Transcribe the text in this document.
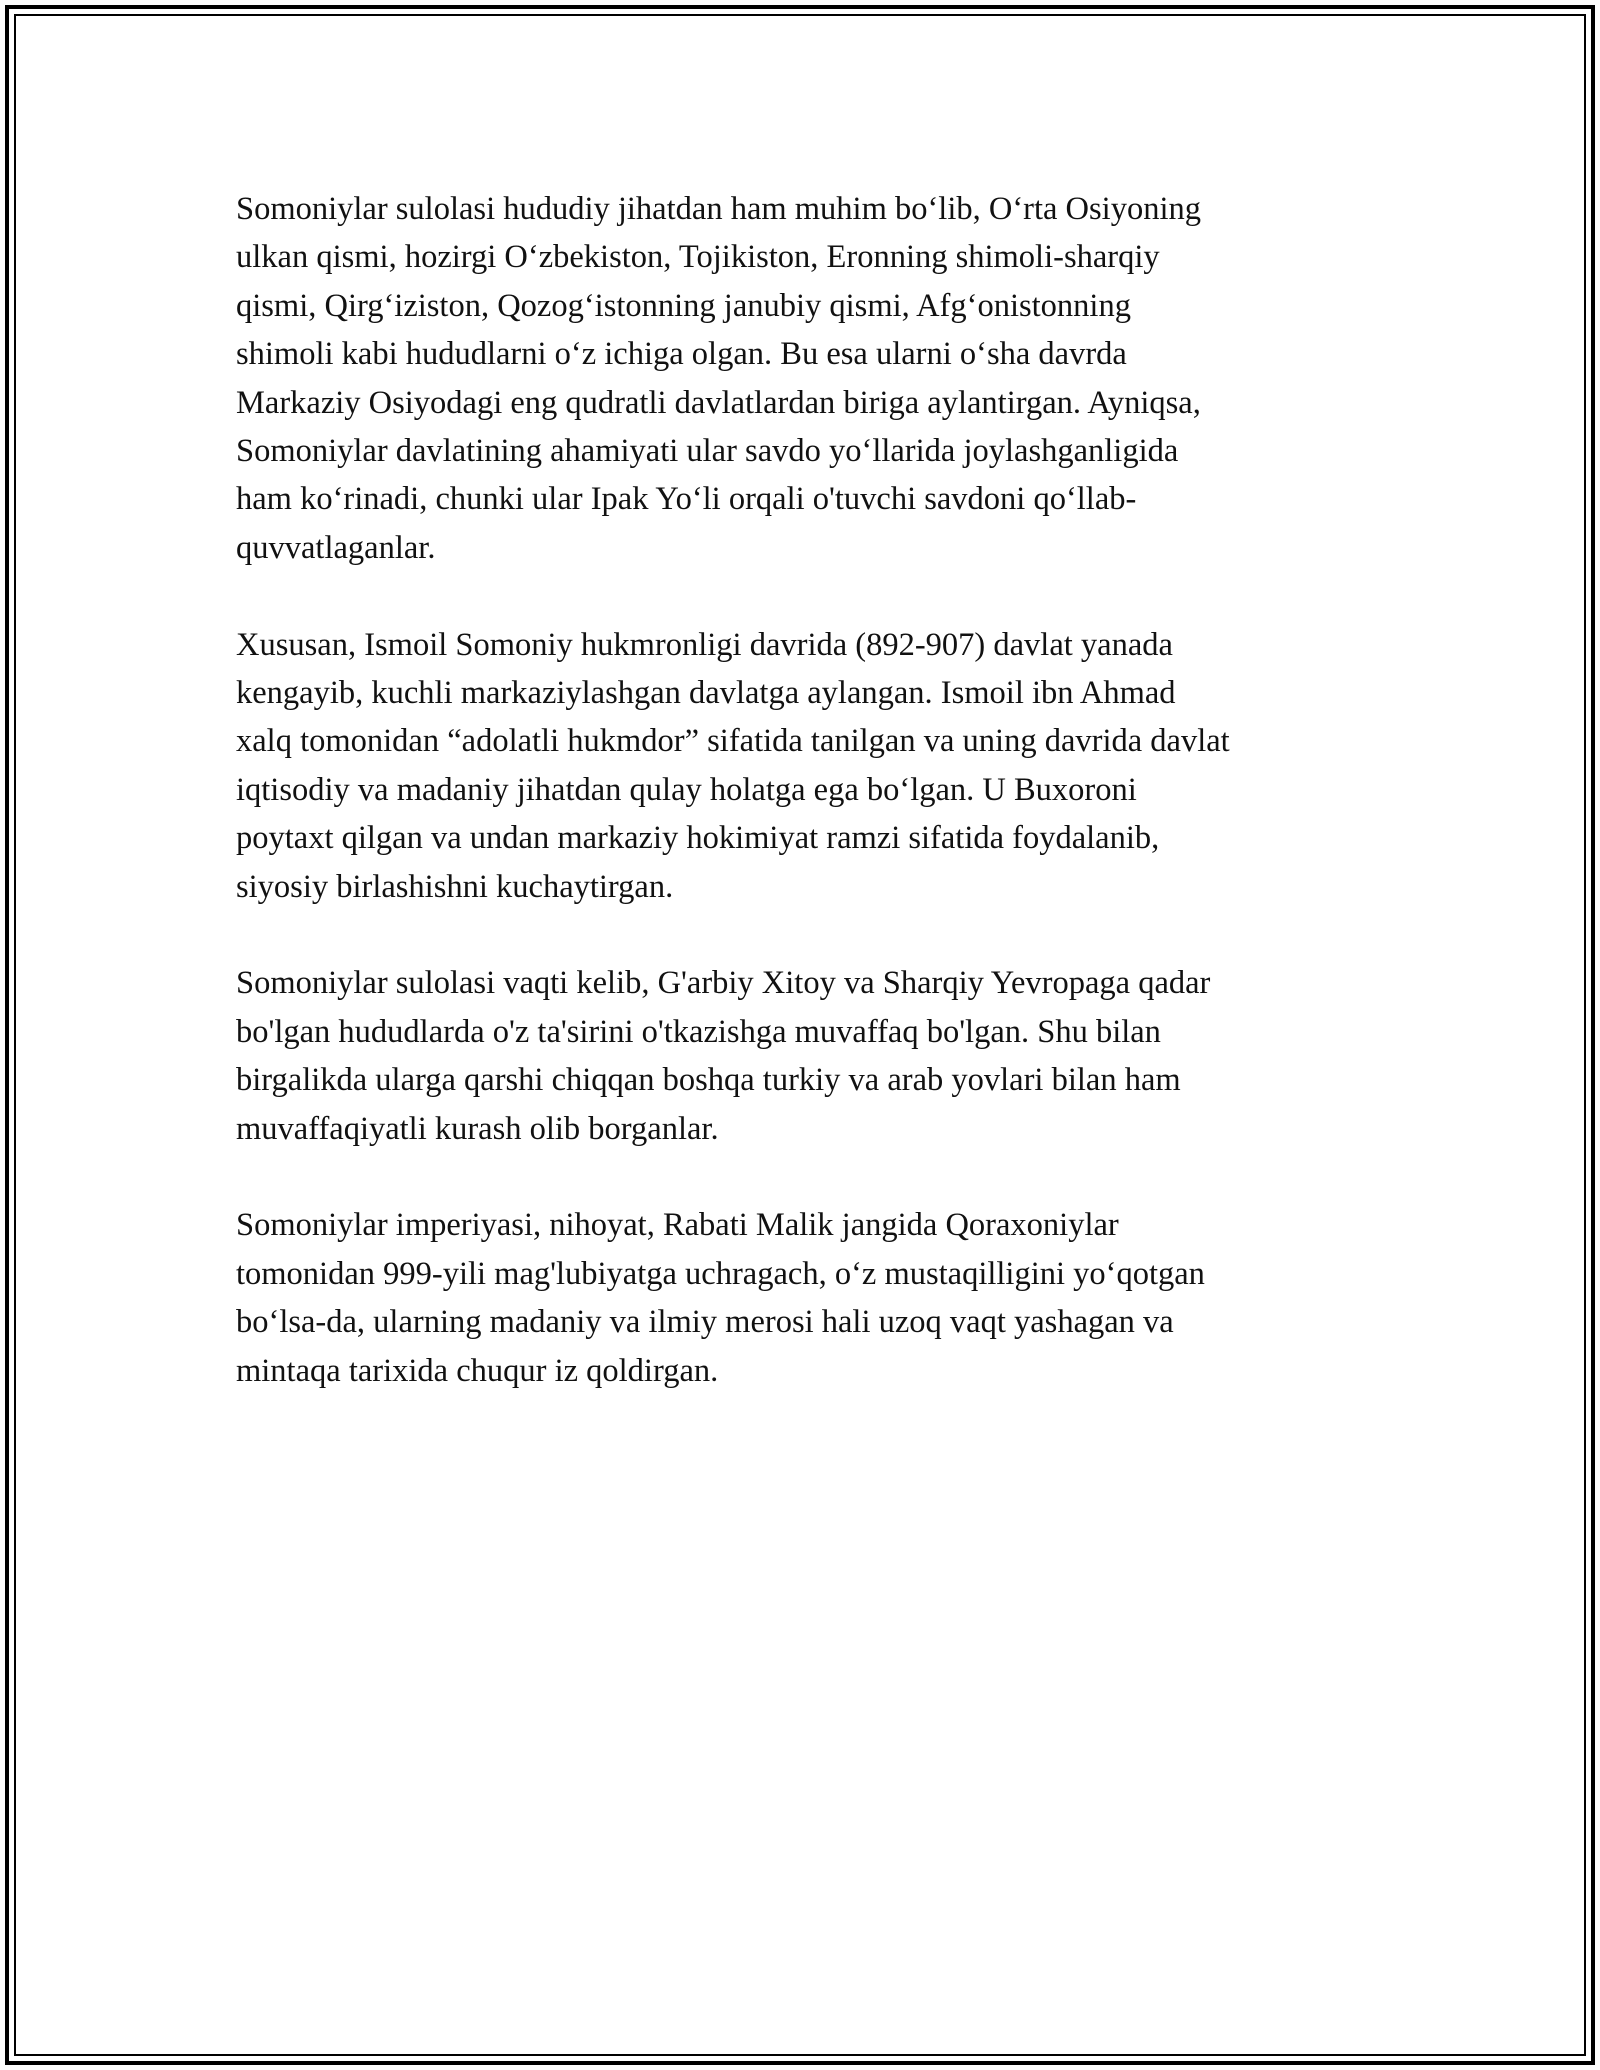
Somoniylar sulolasi hududiy jihatdan ham muhim bo‘lib, O‘rta Osiyoning
ulkan qismi, hozirgi O‘zbekiston, Tojikiston, Eronning shimoli-sharqiy
qismi, Qirg‘iziston, Qozog‘istonning janubiy qismi, Afg‘onistonning
shimoli kabi hududlarni o‘z ichiga olgan. Bu esa ularni o‘sha davrda
Markaziy Osiyodagi eng qudratli davlatlardan biriga aylantirgan. Ayniqsa,
Somoniylar davlatining ahamiyati ular savdo yo‘llarida joylashganligida
ham ko‘rinadi, chunki ular Ipak Yo‘li orqali o'tuvchi savdoni qo‘llab-
quvvatlaganlar.

Xususan, Ismoil Somoniy hukmronligi davrida (892-907) davlat yanada
kengayib, kuchli markaziylashgan davlatga aylangan. Ismoil ibn Ahmad
xalq tomonidan “adolatli hukmdor” sifatida tanilgan va uning davrida davlat
iqtisodiy va madaniy jihatdan qulay holatga ega bo‘lgan. U Buxoroni
poytaxt qilgan va undan markaziy hokimiyat ramzi sifatida foydalanib,
siyosiy birlashishni kuchaytirgan.

Somoniylar sulolasi vaqti kelib, G'arbiy Xitoy va Sharqiy Yevropaga qadar
bo'lgan hududlarda o'z ta'sirini o'tkazishga muvaffaq bo'lgan. Shu bilan
birgalikda ularga qarshi chiqqan boshqa turkiy va arab yovlari bilan ham
muvaffaqiyatli kurash olib borganlar.

Somoniylar imperiyasi, nihoyat, Rabati Malik jangida Qoraxoniylar
tomonidan 999-yili mag'lubiyatga uchragach, o‘z mustaqilligini yo‘qotgan
bo‘lsa-da, ularning madaniy va ilmiy merosi hali uzoq vaqt yashagan va
mintaqa tarixida chuqur iz qoldirgan.
